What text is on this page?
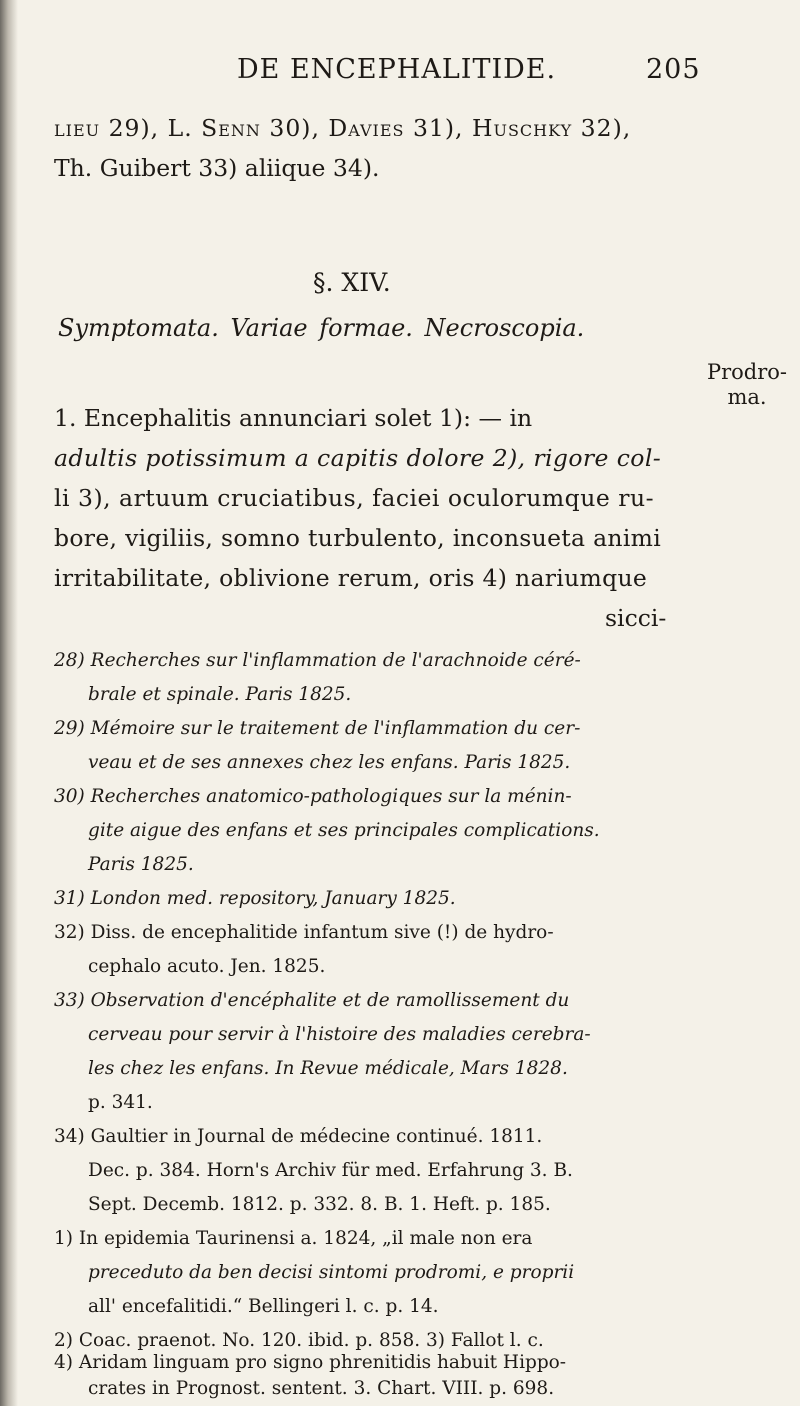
DE ENCEPHALITIDE.	205
lieu 29), L. Senn 30), Davies 31), Huschky 32),
Th. Guibert 33) aliique 34).
1. Encephalitis annunciari solet 1): — in
adultis potissimum a capitis dolore 2), rigore col-
li 3), artuum cruciatibus, faciei oculorumque ru-
bore, vigiliis, somno turbulento, inconsueta animi
irritabilitate, oblivione rerum, oris 4) nariumque
sicci-
§. XIV.
Symptomata. Variae formae. Necroscopia.
Prodro-
ma.
28) Recherches sur l'inflammation de l'arachnoide céré-
brale et spinale. Paris 1825.
29) Mémoire sur le traitement de l'inflammation du cer-
veau et de ses annexes chez les enfans. Paris 1825.
30) Recherches anatomico-pathologiques sur la ménin-
gite aigue des enfans et ses principales complications.
Paris 1825.
31) London med. repository, January 1825.
32) Diss. de encephalitide infantum sive (!) de hydro-
cephalo acuto. Jen. 1825.
33) Observation d'encéphalite et de ramollissement du
cerveau pour servir à l'histoire des maladies cerebra-
les chez les enfans. In Revue médicale, Mars 1828.
p. 341.
34) Gaultier in Journal de médecine continué. 1811.
Dec. p. 384. Horn's Archiv für med. Erfahrung 3. B.
Sept. Decemb. 1812. p. 332. 8. B. 1. Heft. p. 185.
1) In epidemia Taurinensi a. 1824, „il male non era
preceduto da ben decisi sintomi prodromi, e proprii
all' encefalitidi.“ Bellingeri l. c. p. 14.
2) Coac. praenot. No. 120. ibid. p. 858. 3) Fallot l. c.
4) Aridam linguam pro signo phrenitidis habuit Hippo-
crates in Prognost. sentent. 3. Chart. VIII. p. 698.
